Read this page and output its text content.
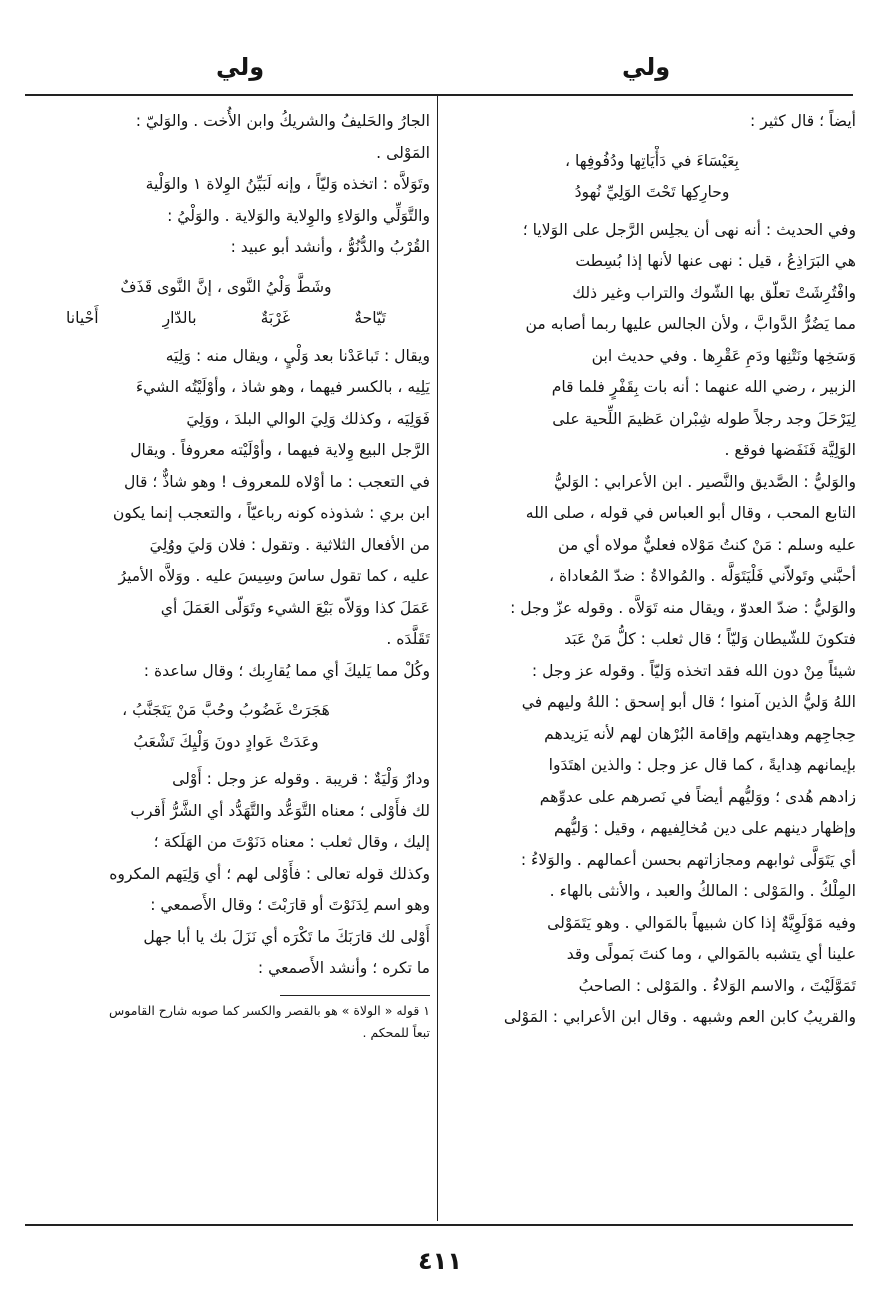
ولي
ولي
أيضاً ؛ قال كثير :
بِعَيْسَاءَ في دَأْيَاتِها ودُفُوفِها ،
وحارِكِها تَحْتَ الوَلِيِّ نُهودُ
وفي الحديث : أنه نهى أن يجلِس الرَّجل على الوَلايا ؛
هي البَرَاذِعُ ، قيل : نهى عنها لأنها إذا بُسِطت
وافْتُرِشَتْ تعلّق بها الشّوك والتراب وغير ذلك
مما يَضُرُّ الدَّوابَّ ، ولأن الجالس عليها ربما أصابه من
وَسَخِها ونَتْنِها ودَمِ عَقْرِها . وفي حديث ابن
الزبير ، رضي الله عنهما : أنه بات بِقَفْرٍ فلما قام
لِيَرْحَلَ وجد رجلاً طوله شِبْران عَظيمَ اللِّحية على
الوَلِيَّة فَنَفَضها فوقع .
والوَليُّ : الصَّديق والنَّصير . ابن الأعرابي : الوَليُّ
التابع المحب ، وقال أبو العباس في قوله ، صلى الله
عليه وسلم : مَنْ كنتُ مَوْلاه فعليٌّ مولاه أي من
أحبَّني وتَولاّني فَلْيَتَوَلَّه . والمُوالاةُ : ضدّ المُعاداة ،
والوَليُّ : ضدّ العدوّ ، ويقال منه تَوَلاَّه . وقوله عزّ وجل :
فتكونَ للشّيطان وَليّاً ؛ قال ثعلب : كلُّ مَنْ عَبَد
شيئاً مِنْ دون الله فقد اتخذه وَليّاً . وقوله عز وجل :
اللهُ وَليُّ الذين آمنوا ؛ قال أبو إسحق : اللهُ وليهم في
حِجاجِهم وهدايتهم وإقامة البُرْهان لهم لأنه يَزيدهم
بإيمانهم هِدايةً ، كما قال عز وجل : والذين اهتَدَوا
زادهم هُدى ؛ ووَليُّهم أيضاً في نَصرهم على عدوِّهم
وإظهار دينهم على دين مُخالِفيهم ، وقيل : وَليُّهم
أي يَتَوَلَّى ثوابهم ومجازاتهم بحسن أعمالهم . والوَلاءُ :
المِلْكُ . والمَوْلى : المالكُ والعبد ، والأنثى بالهاء .
وفيه مَوْلَوِيَّةٌ إذا كان شبيهاً بالمَوالي . وهو يَتَمَوْلى
علينا أي يتشبه بالمَوالي ، وما كنتَ بَمولًى وقد
تَمَوَّلَيْتَ ، والاسم الوَلاءُ . والمَوْلى : الصاحبُ
والقريبُ كابن العم وشبهه . وقال ابن الأعرابي : المَوْلى
الجارُ والحَليفُ والشريكُ وابن الأُخت . والوَليّ :
المَوْلى .
وتَوَلاَّه : اتخذه وَليّاً ، وإنه لَبَيِّنُ الوِلاة ١ والوَلْية
والتَّوَلِّي والوَلاءِ والوِلاية والوَلاية . والوَلْيُ :
القُرْبُ والدُّنُوُّ ، وأنشد أبو عبيد :
وشَطَّ وَلْيُ النَّوى ، إنَّ النَّوى قَذَفٌ
تَيّاحةٌ
غَرْبَةٌ
بالدّارِ
أَحْيانا
ويقال : تَباعَدْنا بعد وَلْيٍ ، ويقال منه : وَلِيَه
يَلِيه ، بالكسر فيهما ، وهو شاذ ، وأوْلَيْتُه الشيءَ
فَوَلِيَه ، وكذلك وَلِيَ الوالي البلدَ ، ووَلِيَ
الرَّجل البيع وِلاية فيهما ، وأوْلَيْته معروفاً . ويقال
في التعجب : ما أوْلاه للمعروف ! وهو شاذٌّ ؛ قال
ابن بري : شذوذه كونه رباعيّاً ، والتعجب إنما يكون
من الأفعال الثلاثية . وتقول : فلان وَليَ ووُلِيَ
عليه ، كما تقول ساسَ وسِيسَ عليه . ووَلاَّه الأميرُ
عَمَلَ كذا ووَلاّه بَيْعَ الشيء وتَوَلّى العَمَلَ أي
تَقَلَّدَه .
وكُلْ مما يَليكَ أي مما يُقارِبك ؛ وقال ساعدة :
هَجَرَتْ غَضُوبُ وحُبَّ مَنْ يَتَجَنَّبُ ،
وعَدَتْ عَوادٍ دونَ وَلْيِكَ تَشْعَبُ
ودارٌ وَلْيَةٌ : قريبة . وقوله عز وجل : أَوْلى
لك فأَوْلى ؛ معناه التَّوَعُّد والتَّهَدُّد أي الشَّرُّ أَقرب
إليك ، وقال ثعلب : معناه دَنَوْتَ من الهَلَكة ؛
وكذلك قوله تعالى : فأَوْلى لهم ؛ أي وَلِيَهم المكروه
وهو اسم لِدَنَوْتَ أو قارَبْتَ ؛ وقال الأَصمعي :
أَوْلى لك قارَبَكَ ما تَكْرَه أي نَزَلَ بك يا أبا جهل
ما تكره ؛ وأنشد الأَصمعي :
١ قوله « الولاة » هو بالقصر والكسر كما صوبه شارح القاموس
تبعاً للمحكم .
٤١١
